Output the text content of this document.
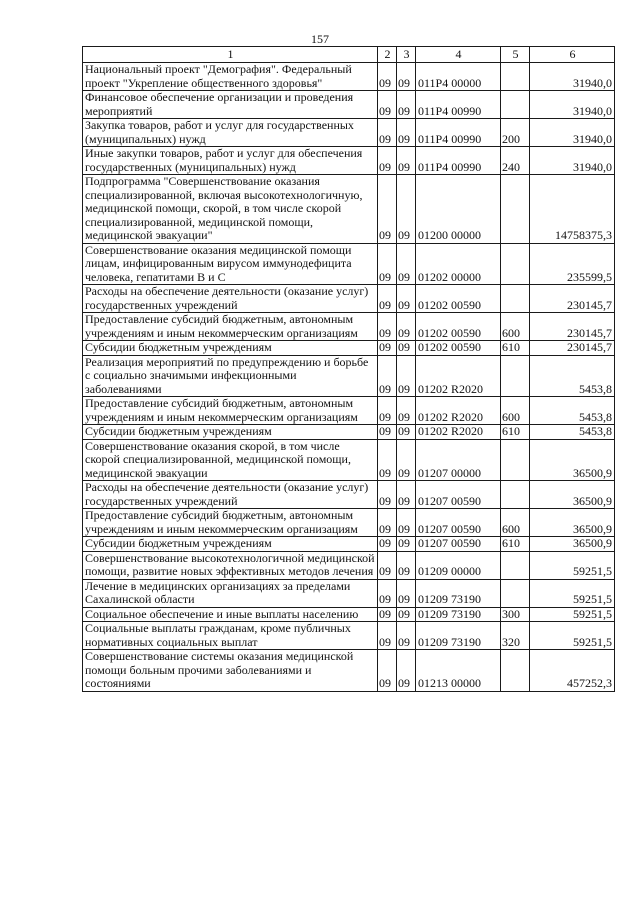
157
1	2	3	4	5	6
Национальный проект "Демография". Федеральный проект "Укрепление общественного здоровья"	09	09	011P4 00000		31940,0
Финансовое обеспечение организации и проведения мероприятий	09	09	011P4 00990		31940,0
Закупка товаров, работ и услуг для государственных (муниципальных) нужд	09	09	011P4 00990	200	31940,0
Иные закупки товаров, работ и услуг для обеспечения государственных (муниципальных) нужд	09	09	011P4 00990	240	31940,0
Подпрограмма "Совершенствование оказания специализированной, включая высокотехнологичную, медицинской помощи, скорой, в том числе скорой специализированной, медицинской помощи, медицинской эвакуации"	09	09	01200 00000		14758375,3
Совершенствование оказания медицинской помощи лицам, инфицированным вирусом иммунодефицита человека, гепатитами В и С	09	09	01202 00000		235599,5
Расходы на обеспечение деятельности (оказание услуг) государственных учреждений	09	09	01202 00590		230145,7
Предоставление субсидий бюджетным, автономным учреждениям и иным некоммерческим организациям	09	09	01202 00590	600	230145,7
Субсидии бюджетным учреждениям	09	09	01202 00590	610	230145,7
Реализация мероприятий по предупреждению и борьбе с социально значимыми инфекционными заболеваниями	09	09	01202 R2020		5453,8
Предоставление субсидий бюджетным, автономным учреждениям и иным некоммерческим организациям	09	09	01202 R2020	600	5453,8
Субсидии бюджетным учреждениям	09	09	01202 R2020	610	5453,8
Совершенствование оказания скорой, в том числе скорой специализированной, медицинской помощи, медицинской эвакуации	09	09	01207 00000		36500,9
Расходы на обеспечение деятельности (оказание услуг) государственных учреждений	09	09	01207 00590		36500,9
Предоставление субсидий бюджетным, автономным учреждениям и иным некоммерческим организациям	09	09	01207 00590	600	36500,9
Субсидии бюджетным учреждениям	09	09	01207 00590	610	36500,9
Совершенствование высокотехнологичной медицинской помощи, развитие новых эффективных методов лечения	09	09	01209 00000		59251,5
Лечение в медицинских организациях за пределами Сахалинской области	09	09	01209 73190		59251,5
Социальное обеспечение и иные выплаты населению	09	09	01209 73190	300	59251,5
Социальные выплаты гражданам, кроме публичных нормативных социальных выплат	09	09	01209 73190	320	59251,5
Совершенствование системы оказания медицинской помощи больным прочими заболеваниями и состояниями	09	09	01213 00000		457252,3
